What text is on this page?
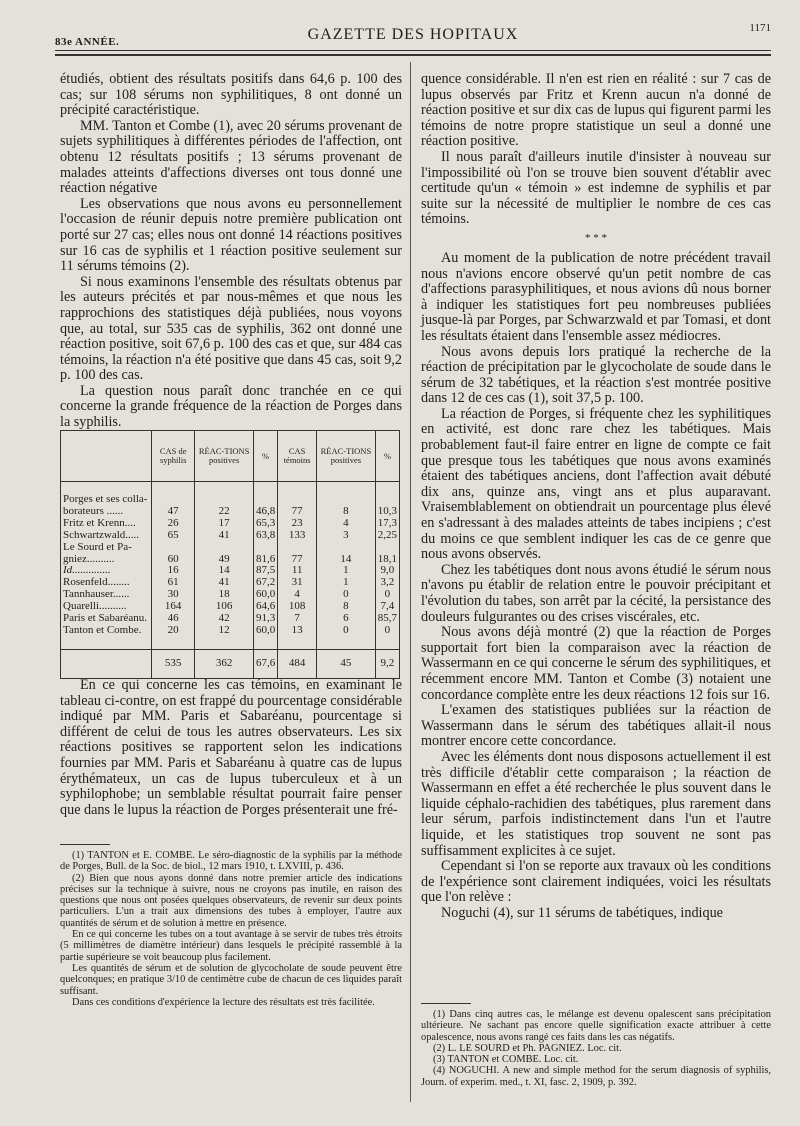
83e ANNÉE.	GAZETTE DES HOPITAUX	1171

étudiés, obtient des résultats positifs dans 64,6 p. 100 des cas; sur 108 sérums non syphilitiques, 8 ont donné un précipité caractéristique.

MM. Tanton et Combe (1), avec 20 sérums provenant de sujets syphilitiques à différentes périodes de l'affection, ont obtenu 12 résultats positifs ; 13 sérums provenant de malades atteints d'affections diverses ont tous donné une réaction négative

Les observations que nous avons eu personnellement l'occasion de réunir depuis notre première publication ont porté sur 27 cas; elles nous ont donné 14 réactions positives sur 16 cas de syphilis et 1 réaction positive seulement sur 11 sérums témoins (2).

Si nous examinons l'ensemble des résultats obtenus par les auteurs précités et par nous-mêmes et que nous les rapprochions des statistiques déjà publiées, nous voyons que, au total, sur 535 cas de syphilis, 362 ont donné une réaction positive, soit 67,6 p. 100 des cas et que, sur 484 cas témoins, la réaction n'a été positive que dans 45 cas, soit 9,2 p. 100 des cas.

La question nous paraît donc tranchée en ce qui concerne la grande fréquence de la réaction de Porges dans la syphilis.

	CAS de syphilis	RÉAC-TIONS positives	%	CAS témoins	RÉAC-TIONS positives	%

Porges et ses colla-						
borateurs ......	47	22	46,8	77	8	10,3
Fritz et Krenn....	26	17	65,3	23	4	17,3
Schwartzwald.....	65	41	63,8	133	3	2,25
Le Sourd et Pa-						
gniez..........	60	49	81,6	77	14	18,1
Id..............	16	14	87,5	11	1	9,0
Rosenfeld........	61	41	67,2	31	1	3,2
Tannhauser......	30	18	60,0	4	0	0
Quarelli..........	164	106	64,6	108	8	7,4
Paris et Sabaréanu.	46	42	91,3	7	6	85,7
Tanton et Combe.	20	12	60,0	13	0	0

	535	362	67,6	484	45	9,2

En ce qui concerne les cas témoins, en examinant le tableau ci-contre, on est frappé du pourcentage considérable indiqué par MM. Paris et Sabaréanu, pourcentage si différent de celui de tous les autres observateurs. Les six réactions positives se rapportent selon les indications fournies par MM. Paris et Sabaréanu à quatre cas de lupus érythémateux, un cas de lupus tuberculeux et à un syphilophobe; un semblable résultat pourrait faire penser que dans le lupus la réaction de Porges présenterait une fré-

(1) TANTON et E. COMBE. Le séro-diagnostic de la syphilis par la méthode de Porges, Bull. de la Soc. de biol., 12 mars 1910, t. LXVIII, p. 436.

(2) Bien que nous ayons donné dans notre premier article des indications précises sur la technique à suivre, nous ne croyons pas inutile, en raison des questions que nous ont posées quelques observateurs, de revenir sur deux points particuliers. L'un a trait aux dimensions des tubes à employer, l'autre aux quantités de sérum et de solution à mettre en présence.

En ce qui concerne les tubes on a tout avantage à se servir de tubes très étroits (5 millimètres de diamètre intérieur) dans lesquels le précipité rassemblé à la partie supérieure se voit beaucoup plus facilement.

Les quantités de sérum et de solution de glycocholate de soude peuvent être quelconques; en pratique 3/10 de centimètre cube de chacun de ces liquides paraît suffisant.

Dans ces conditions d'expérience la lecture des résultats est très facilitée.

quence considérable. Il n'en est rien en réalité : sur 7 cas de lupus observés par Fritz et Krenn aucun n'a donné de réaction positive et sur dix cas de lupus qui figurent parmi les témoins de notre propre statistique un seul a donné une réaction positive.

Il nous paraît d'ailleurs inutile d'insister à nouveau sur l'impossibilité où l'on se trouve bien souvent d'établir avec certitude qu'un « témoin » est indemne de syphilis et par suite sur la nécessité de multiplier le nombre de ces cas témoins.

* * *

Au moment de la publication de notre précédent travail nous n'avions encore observé qu'un petit nombre de cas d'affections parasyphilitiques, et nous avions dû nous borner à indiquer les statistiques fort peu nombreuses publiées jusque-là par Porges, par Schwarzwald et par Tomasi, et dont les résultats étaient dans l'ensemble assez médiocres.

Nous avons depuis lors pratiqué la recherche de la réaction de précipitation par le glycocholate de soude dans le sérum de 32 tabétiques, et la réaction s'est montrée positive dans 12 de ces cas (1), soit 37,5 p. 100.

La réaction de Porges, si fréquente chez les syphilitiques en activité, est donc rare chez les tabétiques. Mais probablement faut-il faire entrer en ligne de compte ce fait que presque tous les tabétiques que nous avons examinés étaient des tabétiques anciens, dont l'affection avait débuté dix ans, quinze ans, vingt ans et plus auparavant. Vraisemblablement on obtiendrait un pourcentage plus élevé en s'adressant à des malades atteints de tabes incipiens ; c'est du moins ce que semblent indiquer les cas de ce genre que nous avons observés.

Chez les tabétiques dont nous avons étudié le sérum nous n'avons pu établir de relation entre le pouvoir précipitant et l'évolution du tabes, son arrêt par la cécité, la persistance des douleurs fulgurantes ou des crises viscérales, etc.

Nous avons déjà montré (2) que la réaction de Porges supportait fort bien la comparaison avec la réaction de Wassermann en ce qui concerne le sérum des syphilitiques, et récemment encore MM. Tanton et Combe (3) notaient une concordance complète entre les deux réactions 12 fois sur 16.

L'examen des statistiques publiées sur la réaction de Wassermann dans le sérum des tabétiques allait-il nous montrer encore cette concordance.

Avec les éléments dont nous disposons actuellement il est très difficile d'établir cette comparaison ; la réaction de Wassermann en effet a été recherchée le plus souvent dans le liquide céphalo-rachidien des tabétiques, plus rarement dans leur sérum, parfois indistinctement dans l'un et l'autre liquide, et les statistiques trop souvent ne sont pas suffisamment explicites à ce sujet.

Cependant si l'on se reporte aux travaux où les conditions de l'expérience sont clairement indiquées, voici les résultats que l'on relève :

Noguchi (4), sur 11 sérums de tabétiques, indique

(1) Dans cinq autres cas, le mélange est devenu opalescent sans précipitation ultérieure. Ne sachant pas encore quelle signification exacte attribuer à cette opalescence, nous avons rangé ces faits dans les cas négatifs.

(2) L. LE SOURD et Ph. PAGNIEZ. Loc. cit.

(3) TANTON et COMBE. Loc. cit.

(4) NOGUCHI. A new and simple method for the serum diagnosis of syphilis, Journ. of experim. med., t. XI, fasc. 2, 1909, p. 392.
